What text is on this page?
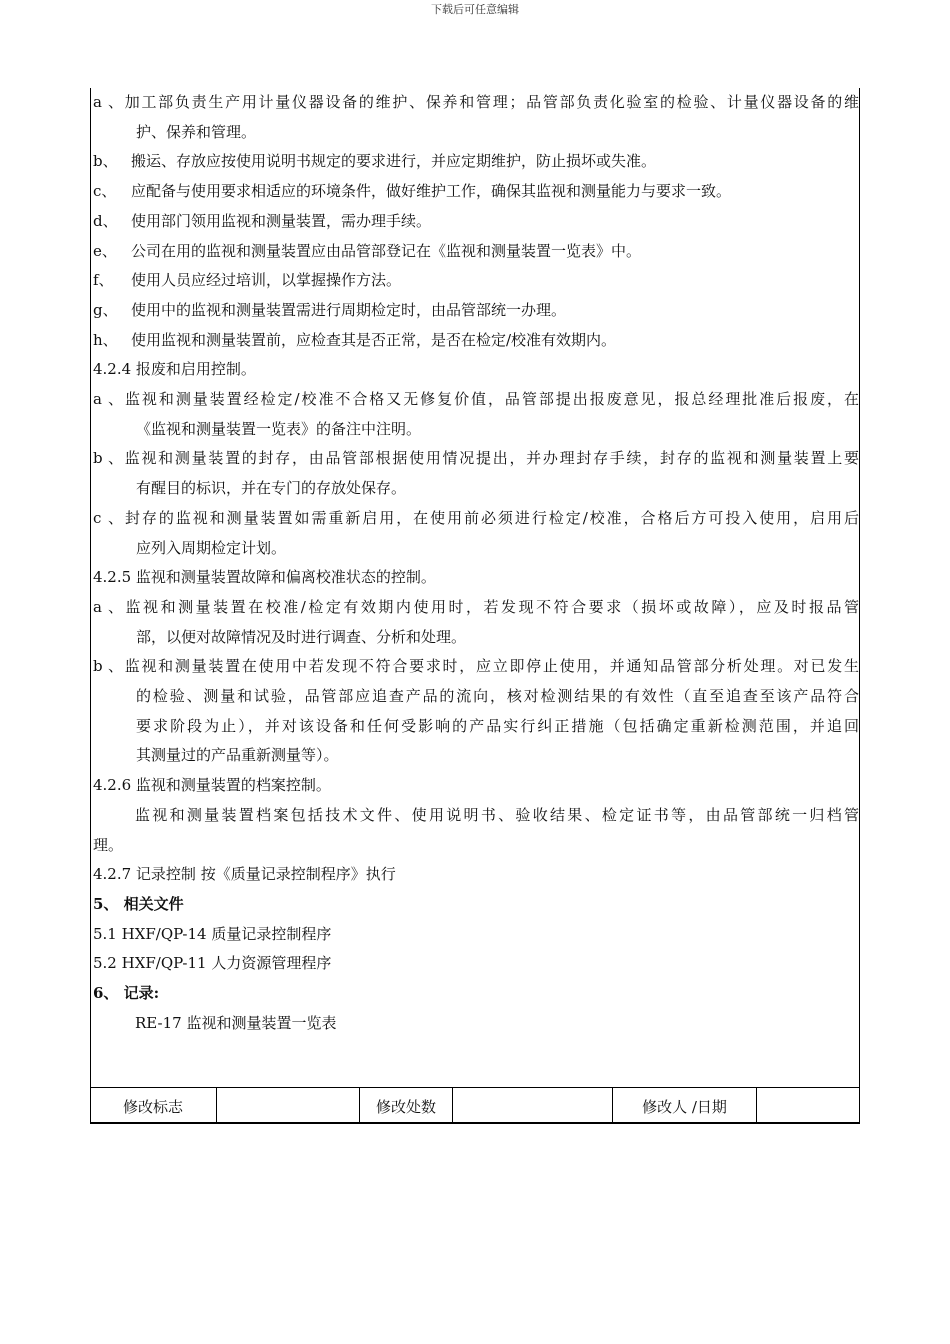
下载后可任意编辑
a、加工部负责生产用计量仪器设备的维护、保养和管理；品管部负责化验室的检验、计量仪器设备的维
护、保养和管理。
b、 搬运、存放应按使用说明书规定的要求进行，并应定期维护，防止损坏或失准。
c、 应配备与使用要求相适应的环境条件，做好维护工作，确保其监视和测量能力与要求一致。
d、 使用部门领用监视和测量装置，需办理手续。
e、 公司在用的监视和测量装置应由品管部登记在《监视和测量装置一览表》中。
f、 使用人员应经过培训，以掌握操作方法。
g、 使用中的监视和测量装置需进行周期检定时，由品管部统一办理。
h、 使用监视和测量装置前，应检查其是否正常，是否在检定/校准有效期内。
4.2.4 报废和启用控制。
a、监视和测量装置经检定/校准不合格又无修复价值，品管部提出报废意见，报总经理批准后报废，在
《监视和测量装置一览表》的备注中注明。
b、监视和测量装置的封存，由品管部根据使用情况提出，并办理封存手续，封存的监视和测量装置上要
有醒目的标识，并在专门的存放处保存。
c、封存的监视和测量装置如需重新启用，在使用前必须进行检定/校准，合格后方可投入使用，启用后
应列入周期检定计划。
4.2.5 监视和测量装置故障和偏离校准状态的控制。
a、监视和测量装置在校准/检定有效期内使用时，若发现不符合要求（损坏或故障），应及时报品管
部，以便对故障情况及时进行调查、分析和处理。
b、监视和测量装置在使用中若发现不符合要求时，应立即停止使用，并通知品管部分析处理。对已发生
的检验、测量和试验，品管部应追查产品的流向，核对检测结果的有效性（直至追查至该产品符合
要求阶段为止），并对该设备和任何受影响的产品实行纠正措施（包括确定重新检测范围，并追回
其测量过的产品重新测量等）。
4.2.6 监视和测量装置的档案控制。
监视和测量装置档案包括技术文件、使用说明书、验收结果、检定证书等，由品管部统一归档管
理。
4.2.7 记录控制 按《质量记录控制程序》执行
5、 相关文件
5.1 HXF/QP-14 质量记录控制程序
5.2 HXF/QP-11 人力资源管理程序
6、 记录:
RE-17 监视和测量装置一览表
修改标志		修改处数		修改人 /日期	
